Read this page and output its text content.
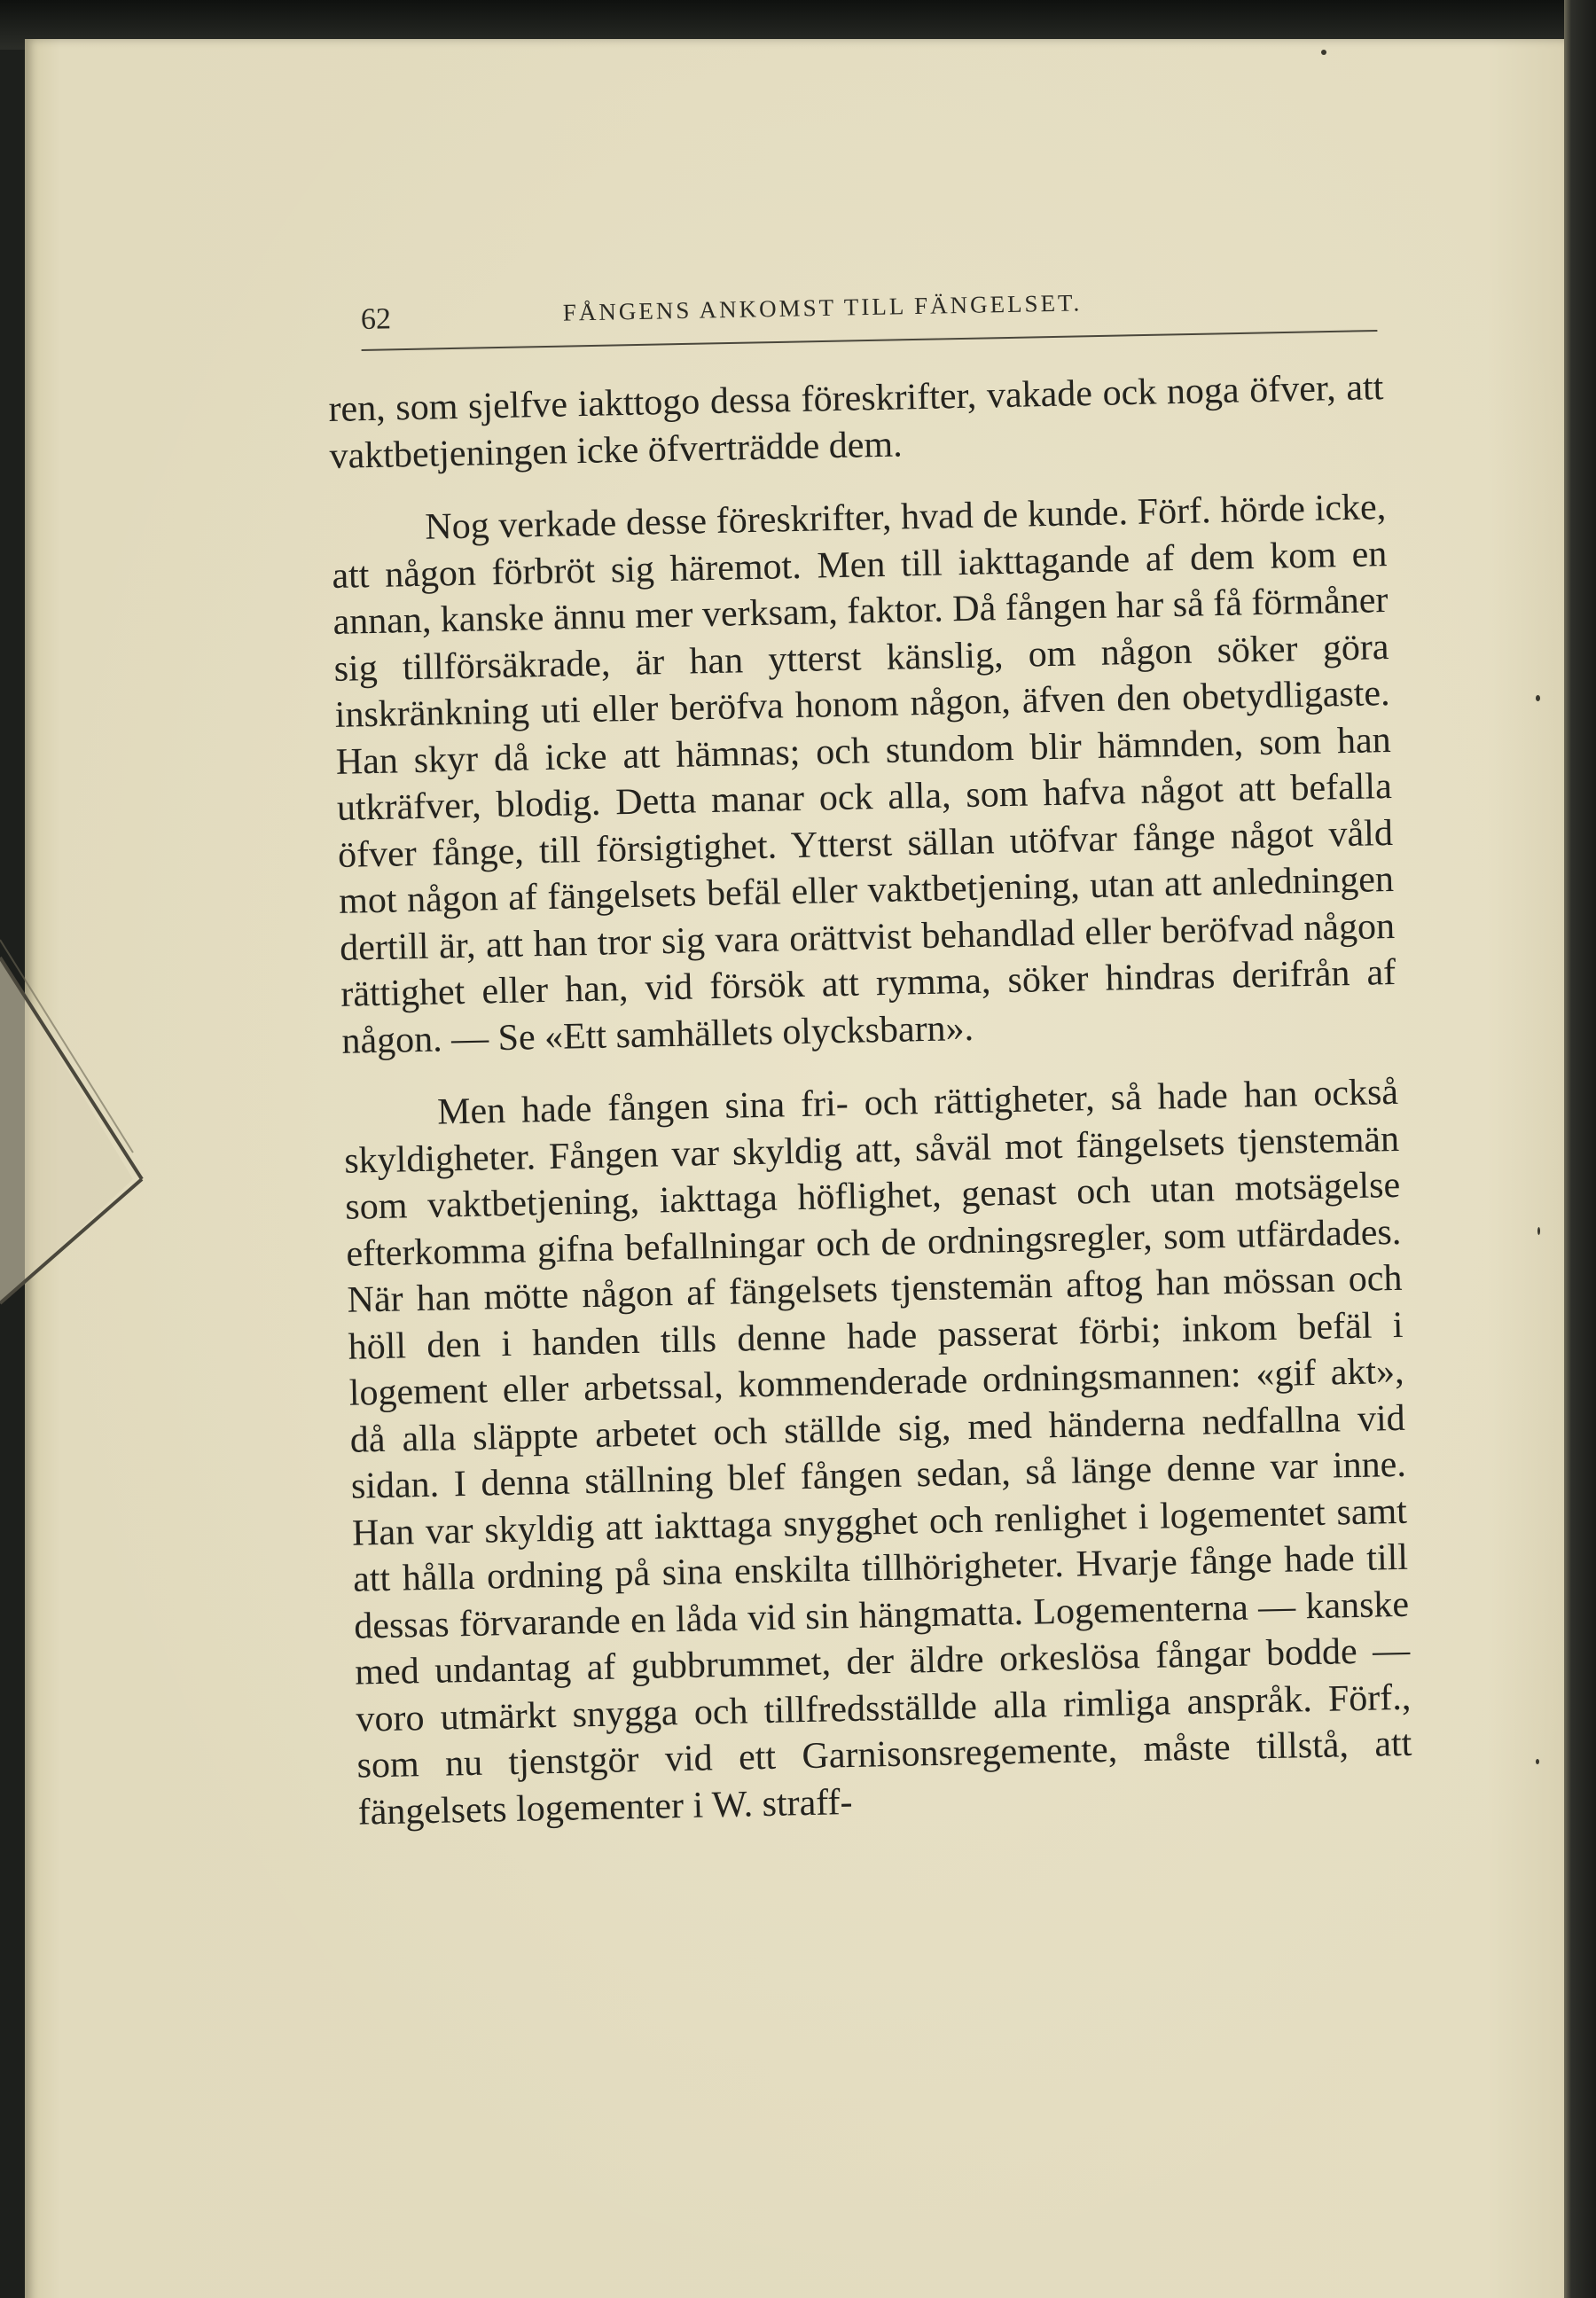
62	FÅNGENS ANKOMST TILL FÄNGELSET.

ren, som sjelfve iakttogo dessa föreskrifter, vakade ock noga öfver, att vaktbetjeningen icke öfverträdde dem.

Nog verkade desse föreskrifter, hvad de kunde. Förf. hörde icke, att någon förbröt sig häremot. Men till iakttagande af dem kom en annan, kanske ännu mer verksam, faktor. Då fången har så få förmåner sig tillförsäkrade, är han ytterst känslig, om någon söker göra inskränkning uti eller beröfva honom någon, äfven den obetydligaste. Han skyr då icke att hämnas; och stundom blir hämnden, som han utkräfver, blodig. Detta manar ock alla, som hafva något att befalla öfver fånge, till försigtighet. Ytterst sällan utöfvar fånge något våld mot någon af fängelsets befäl eller vaktbetjening, utan att anledningen dertill är, att han tror sig vara orättvist behandlad eller beröfvad någon rättighet eller han, vid försök att rymma, söker hindras derifrån af någon. — Se «Ett samhällets olycksbarn».

Men hade fången sina fri- och rättigheter, så hade han också skyldigheter. Fången var skyldig att, såväl mot fängelsets tjenstemän som vaktbetjening, iakttaga höflighet, genast och utan motsägelse efterkomma gifna befallningar och de ordningsregler, som utfärdades. När han mötte någon af fängelsets tjenstemän aftog han mössan och höll den i handen tills denne hade passerat förbi; inkom befäl i logement eller arbetssal, kommenderade ordningsmannen: «gif akt», då alla släppte arbetet och ställde sig, med händerna nedfallna vid sidan. I denna ställning blef fången sedan, så länge denne var inne. Han var skyldig att iakttaga snygghet och renlighet i logementet samt att hålla ordning på sina enskilta tillhörigheter. Hvarje fånge hade till dessas förvarande en låda vid sin hängmatta. Logementerna — kanske med undantag af gubbrummet, der äldre orkeslösa fångar bodde — voro utmärkt snygga och tillfredsställde alla rimliga anspråk. Förf., som nu tjenstgör vid ett Garnisonsregemente, måste tillstå, att fängelsets logementer i W. straff-
